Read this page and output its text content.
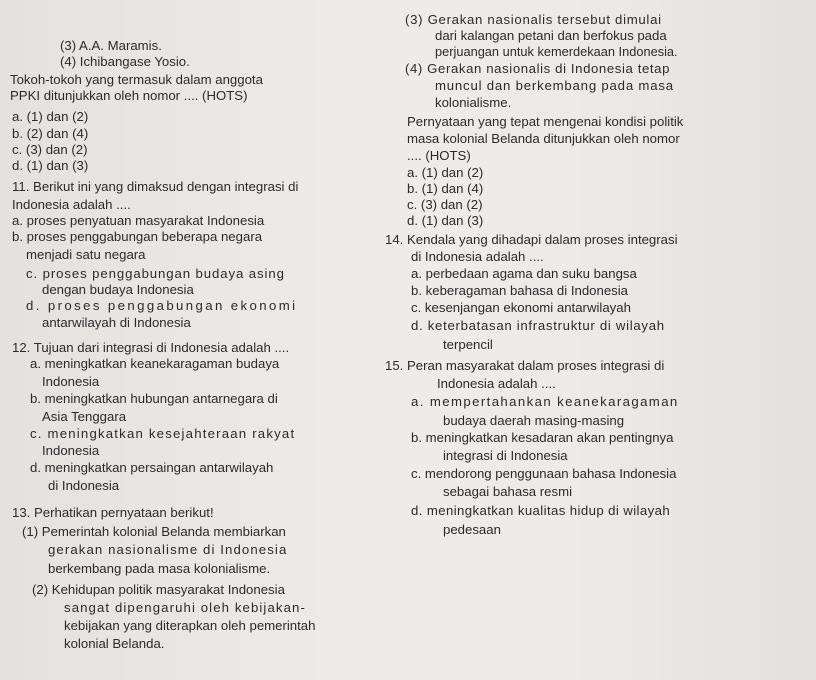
(3) A.A. Maramis.
(4) Ichibangase Yosio.
Tokoh-tokoh yang termasuk dalam anggota
PPKI ditunjukkan oleh nomor .... (HOTS)
a. (1) dan (2)
b. (2) dan (4)
c. (3) dan (2)
d. (1) dan (3)
11. Berikut ini yang dimaksud dengan integrasi di
Indonesia adalah ....
a. proses penyatuan masyarakat Indonesia
b. proses penggabungan beberapa negara
menjadi satu negara
c. proses penggabungan budaya asing
dengan budaya Indonesia
d. proses penggabungan ekonomi
antarwilayah di Indonesia
12. Tujuan dari integrasi di Indonesia adalah ....
a. meningkatkan keanekaragaman budaya
Indonesia
b. meningkatkan hubungan antarnegara di
Asia Tenggara
c. meningkatkan kesejahteraan rakyat
Indonesia
d. meningkatkan persaingan antarwilayah
di Indonesia
13. Perhatikan pernyataan berikut!
(1) Pemerintah kolonial Belanda membiarkan
gerakan nasionalisme di Indonesia
berkembang pada masa kolonialisme.
(2) Kehidupan politik masyarakat Indonesia
sangat dipengaruhi oleh kebijakan-
kebijakan yang diterapkan oleh pemerintah
kolonial Belanda.
(3) Gerakan nasionalis tersebut dimulai
dari kalangan petani dan berfokus pada
perjuangan untuk kemerdekaan Indonesia.
(4) Gerakan nasionalis di Indonesia tetap
muncul dan berkembang pada masa
kolonialisme.
Pernyataan yang tepat mengenai kondisi politik
masa kolonial Belanda ditunjukkan oleh nomor
.... (HOTS)
a. (1) dan (2)
b. (1) dan (4)
c. (3) dan (2)
d. (1) dan (3)
14. Kendala yang dihadapi dalam proses integrasi
di Indonesia adalah ....
a. perbedaan agama dan suku bangsa
b. keberagaman bahasa di Indonesia
c. kesenjangan ekonomi antarwilayah
d. keterbatasan infrastruktur di wilayah
terpencil
15. Peran masyarakat dalam proses integrasi di
Indonesia adalah ....
a. mempertahankan keanekaragaman
budaya daerah masing-masing
b. meningkatkan kesadaran akan pentingnya
integrasi di Indonesia
c. mendorong penggunaan bahasa Indonesia
sebagai bahasa resmi
d. meningkatkan kualitas hidup di wilayah
pedesaan
